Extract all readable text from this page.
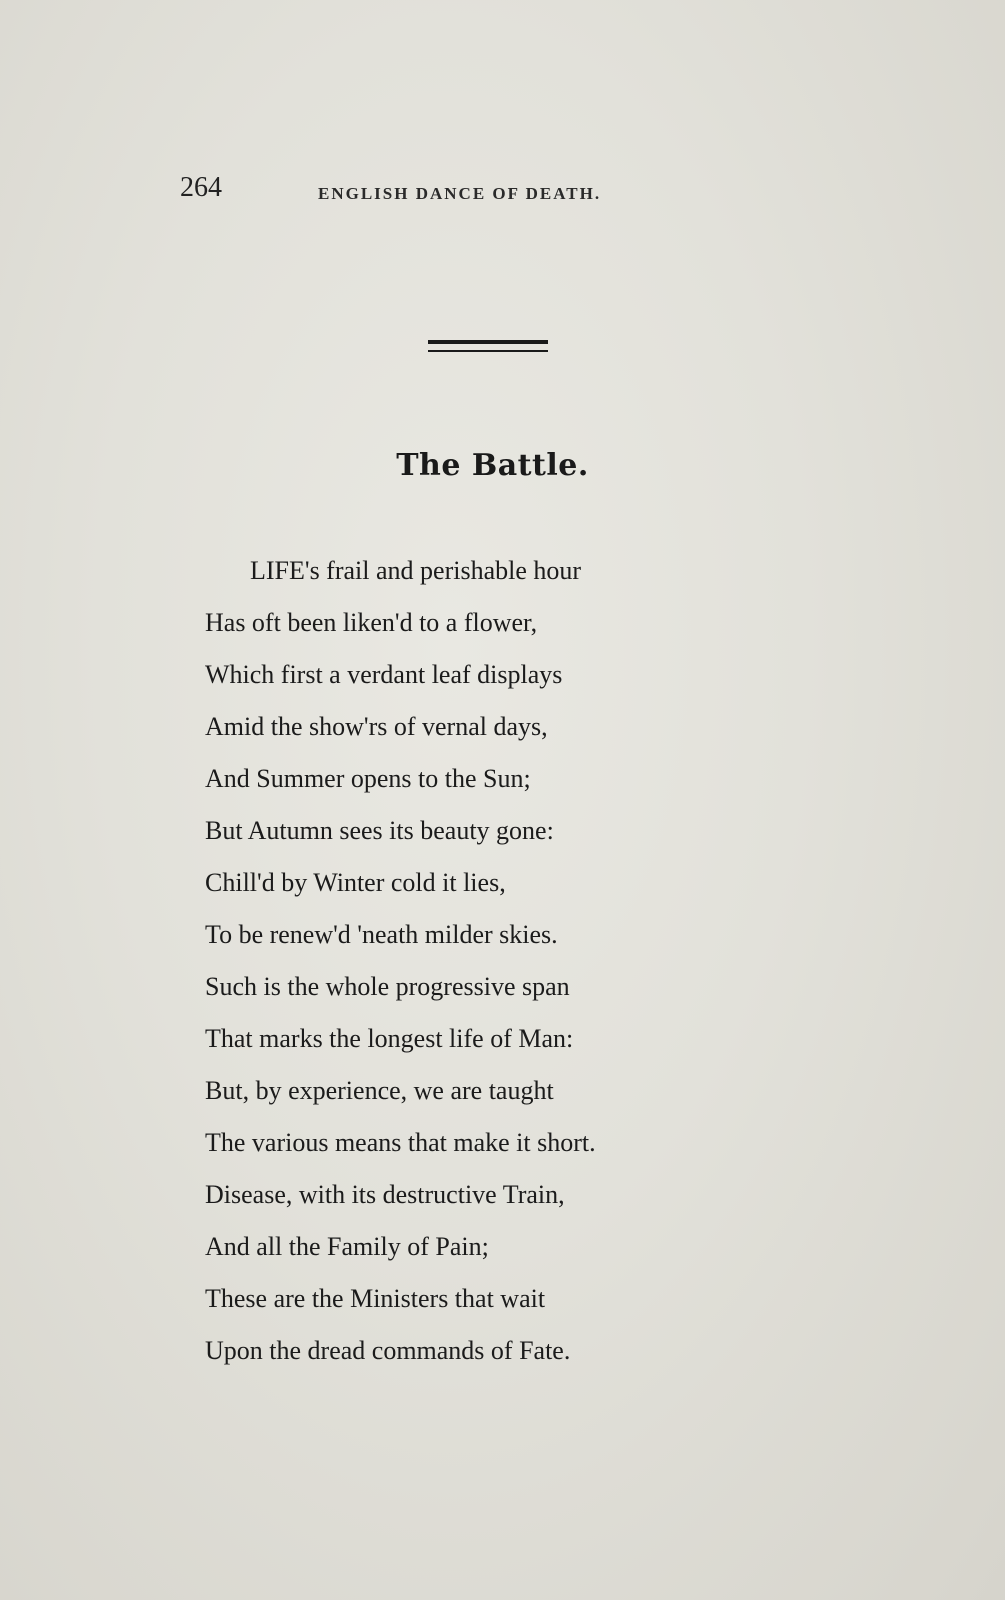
264	ENGLISH DANCE OF DEATH.
The Battle.
LIFE's frail and perishable hour
Has oft been liken'd to a flower,
Which first a verdant leaf displays
Amid the show'rs of vernal days,
And Summer opens to the Sun;
But Autumn sees its beauty gone:
Chill'd by Winter cold it lies,
To be renew'd 'neath milder skies.
Such is the whole progressive span
That marks the longest life of Man:
But, by experience, we are taught
The various means that make it short.
Disease, with its destructive Train,
And all the Family of Pain;
These are the Ministers that wait
Upon the dread commands of Fate.
